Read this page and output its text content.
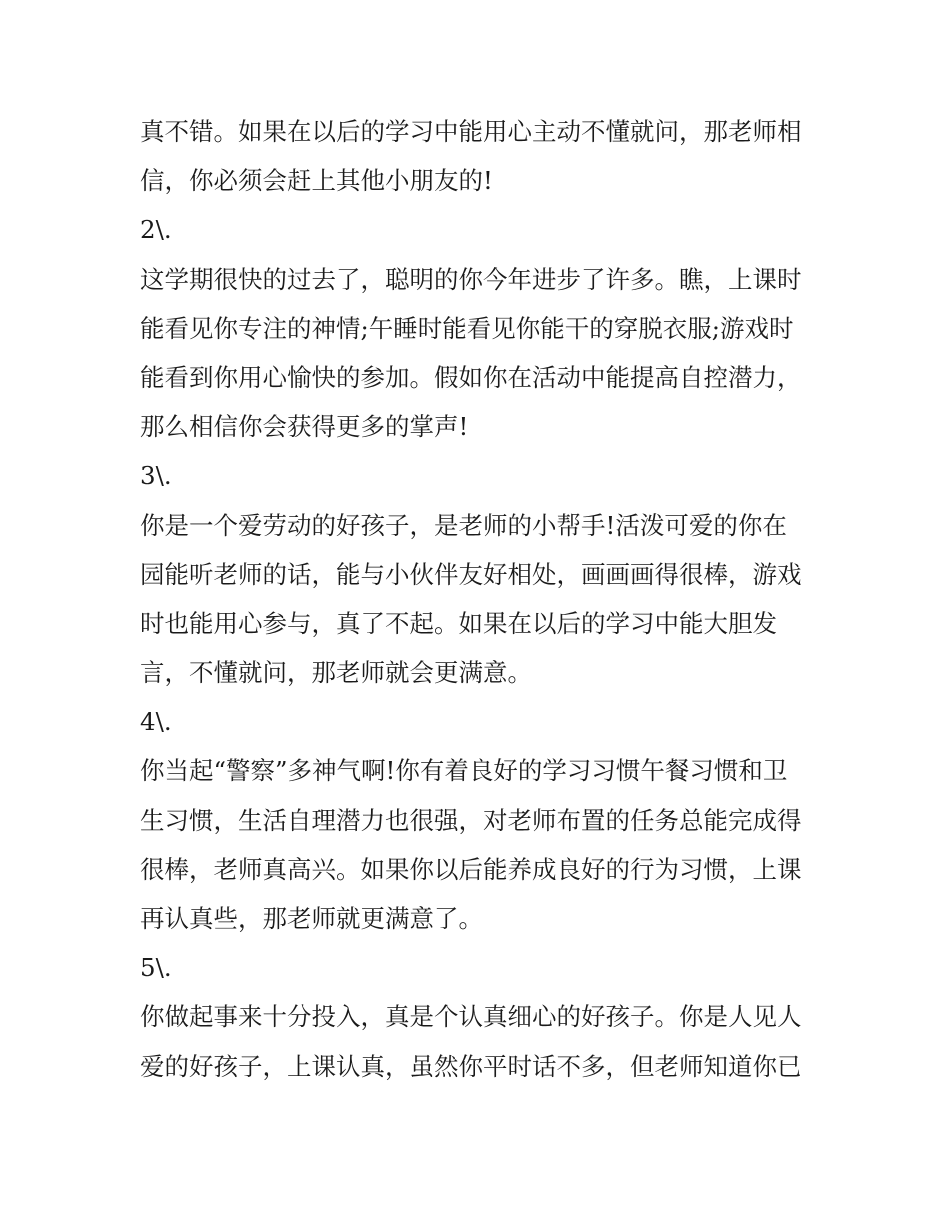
真不错。如果在以后的学习中能用心主动不懂就问，那老师相

信，你必须会赶上其他小朋友的!

2\.

这学期很快的过去了，聪明的你今年进步了许多。瞧，上课时

能看见你专注的神情;午睡时能看见你能干的穿脱衣服;游戏时

能看到你用心愉快的参加。假如你在活动中能提高自控潜力，

那么相信你会获得更多的掌声!

3\.

你是一个爱劳动的好孩子，是老师的小帮手!活泼可爱的你在

园能听老师的话，能与小伙伴友好相处，画画画得很棒，游戏

时也能用心参与，真了不起。如果在以后的学习中能大胆发

言，不懂就问，那老师就会更满意。

4\.

你当起“警察”多神气啊!你有着良好的学习习惯午餐习惯和卫

生习惯，生活自理潜力也很强，对老师布置的任务总能完成得

很棒，老师真高兴。如果你以后能养成良好的行为习惯，上课

再认真些，那老师就更满意了。

5\.

你做起事来十分投入，真是个认真细心的好孩子。你是人见人

爱的好孩子，上课认真，虽然你平时话不多，但老师知道你已
